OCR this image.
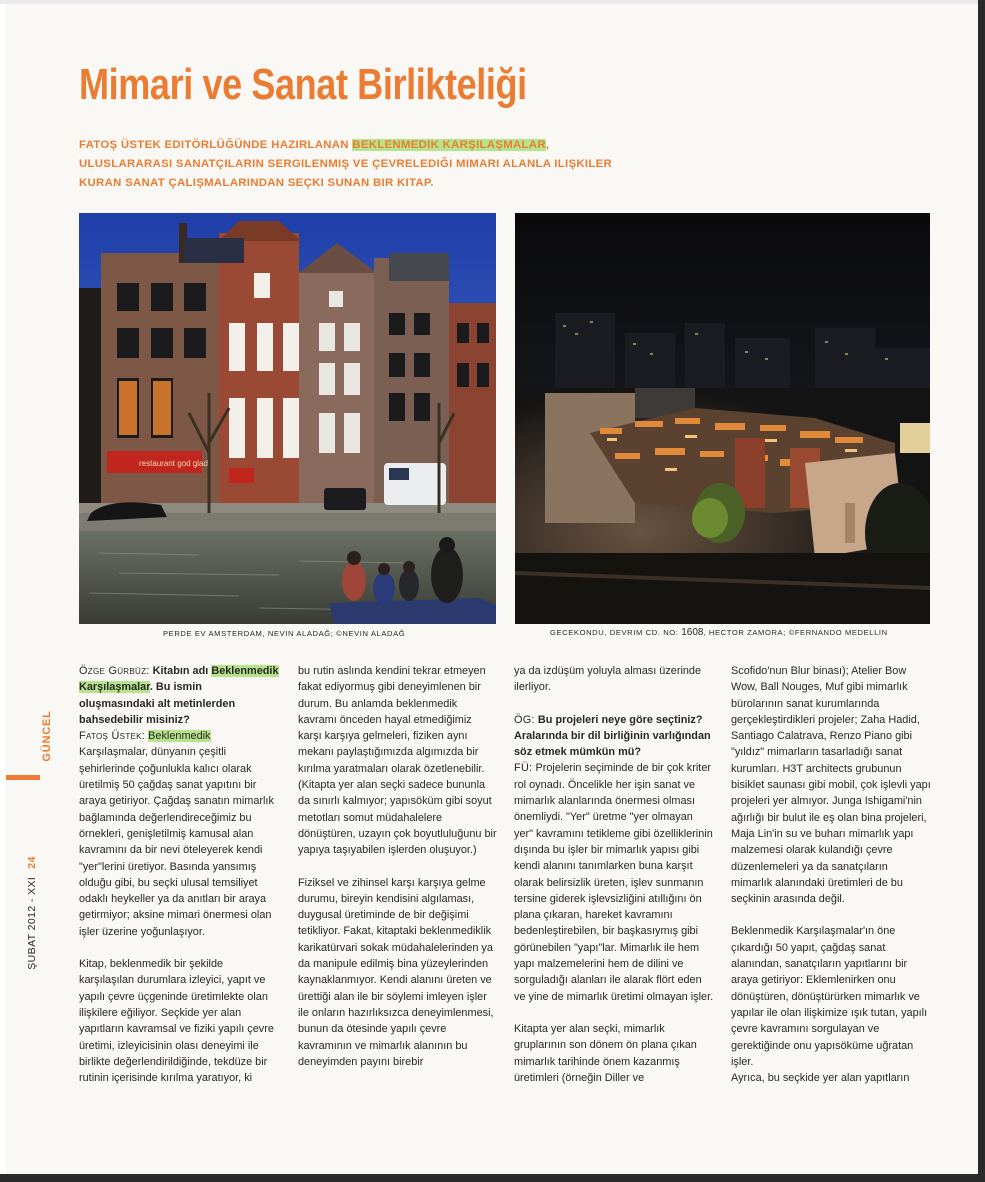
Mimari ve Sanat Birlikteliği

FATOŞ ÜSTEK EDITÖRLÜĞÜNDE HAZIRLANAN BEKLENMEDIK KARŞILAŞMALAR, ULUSLARARASI SANATÇILARIN SERGILENMIŞ VE ÇEVRELEDIĞI MIMARI ALANLA ILIŞKILER KURAN SANAT ÇALIŞMALARINDAN SEÇKI SUNAN BIR KITAP.

restaurant god glad
PERDE EV AMSTERDAM, NEVIN ALADAĞ; ©NEVIN ALADAĞ	GECEKONDU, DEVRIM CD. NO: 1608, HECTOR ZAMORA; ©FERNANDO MEDELLIN
GÜNCEL
ŞUBAT 2012 - XXI24

Özge Gürbüz: Kitabın adı Beklenmedik Karşılaşmalar. Bu ismin oluşmasındaki alt metinlerden bahsedebilir misiniz?

Fatoş Üstek: Beklenmedik Karşılaşmalar, dünyanın çeşitli şehirlerinde çoğunlukla kalıcı olarak üretilmiş 50 çağdaş sanat yapıtını bir araya getiriyor. Çağdaş sanatın mimarlık bağlamında değerlendireceğimiz bu örnekleri, genişletilmiş kamusal alan kavramını da bir nevi öteleyerek kendi "yer"lerini üretiyor. Basında yansımış olduğu gibi, bu seçki ulusal temsiliyet odaklı heykeller ya da anıtları bir araya getirmiyor; aksine mimari önermesi olan işler üzerine yoğunlaşıyor.

Kitap, beklenmedik bir şekilde karşılaşılan durumlara izleyici, yapıt ve yapılı çevre üçgeninde üretimlekte olan ilişkilere eğiliyor. Seçkide yer alan yapıtların kavramsal ve fiziki yapılı çevre üretimi, izleyicisinin olası deneyimi ile birlikte değerlendirildiğinde, tekdüze bir rutinin içerisinde kırılma yaratıyor, ki

bu rutin aslında kendini tekrar etmeyen fakat ediyormuş gibi deneyimlenen bir durum. Bu anlamda beklenmedik kavramı önceden hayal etmediğimiz karşı karşıya gelmeleri, fiziken aynı mekanı paylaştığımızda algımızda bir kırılma yaratmaları olarak özetlenebilir. (Kitapta yer alan seçki sadece bununla da sınırlı kalmıyor; yapısöküm gibi soyut metotları somut müdahalelere dönüştüren, uzayın çok boyutluluğunu bir yapıya taşıyabilen işlerden oluşuyor.)

Fiziksel ve zihinsel karşı karşıya gelme durumu, bireyin kendisini algılaması, duygusal üretiminde de bir değişimi tetikliyor. Fakat, kitaptaki beklenmediklik karikatürvari sokak müdahalelerinden ya da manipule edilmiş bina yüzeylerinden kaynaklanmıyor. Kendi alanını üreten ve ürettiği alan ile bir söylemi imleyen işler ile onların hazırlıksızca deneyimlenmesi, bunun da ötesinde yapılı çevre kavramının ve mimarlık alanının bu deneyimden payını birebir

ya da izdüşüm yoluyla alması üzerinde ilerliyor.

ÖG: Bu projeleri neye göre seçtiniz? Aralarında bir dil birliğinin varlığından söz etmek mümkün mü?

FÜ: Projelerin seçiminde de bir çok kriter rol oynadı. Öncelikle her işin sanat ve mimarlık alanlarında önermesi olması önemliydi. "Yer" üretme "yer olmayan yer" kavramını tetikleme gibi özelliklerinin dışında bu işler bir mimarlık yapısı gibi kendi alanını tanımlarken buna karşıt olarak belirsizlik üreten, işlev sunmanın tersine giderek işlevsizliğini atıllığını ön plana çıkaran, hareket kavramını bedenleştirebilen, bir başkasıymış gibi görünebilen "yapı"lar. Mimarlık ile hem yapı malzemelerini hem de dilini ve sorguladığı alanları ile alarak flört eden ve yine de mimarlık üretimi olmayan işler.

Kitapta yer alan seçki, mimarlık gruplarının son dönem ön plana çıkan mimarlık tarihinde önem kazanmış üretimleri (örneğin Diller ve

Scofido'nun Blur binası); Atelier Bow Wow, Ball Nouges, Muf gibi mimarlık bürolarının sanat kurumlarında gerçekleştirdikleri projeler; Zaha Hadid, Santiago Calatrava, Renzo Piano gibi "yıldız" mimarların tasarladığı sanat kurumları. H3T architects grubunun bisiklet saunası gibi mobil, çok işlevli yapı projeleri yer almıyor. Junga Ishigami'nin ağırlığı bir bulut ile eş olan bina projeleri, Maja Lin'in su ve buharı mimarlık yapı malzemesi olarak kulandığı çevre düzenlemeleri ya da sanatçıların mimarlık alanındaki üretimleri de bu seçkinin arasında değil.

Beklenmedik Karşılaşmalar'ın öne çıkardığı 50 yapıt, çağdaş sanat alanından, sanatçıların yapıtlarını bir araya getiriyor: Eklemlenirken onu dönüştüren, dönüştürürken mimarlık ve yapılar ile olan ilişkimize ışık tutan, yapılı çevre kavramını sorgulayan ve gerektiğinde onu yapısöküme uğratan işler.

Ayrıca, bu seçkide yer alan yapıtların
